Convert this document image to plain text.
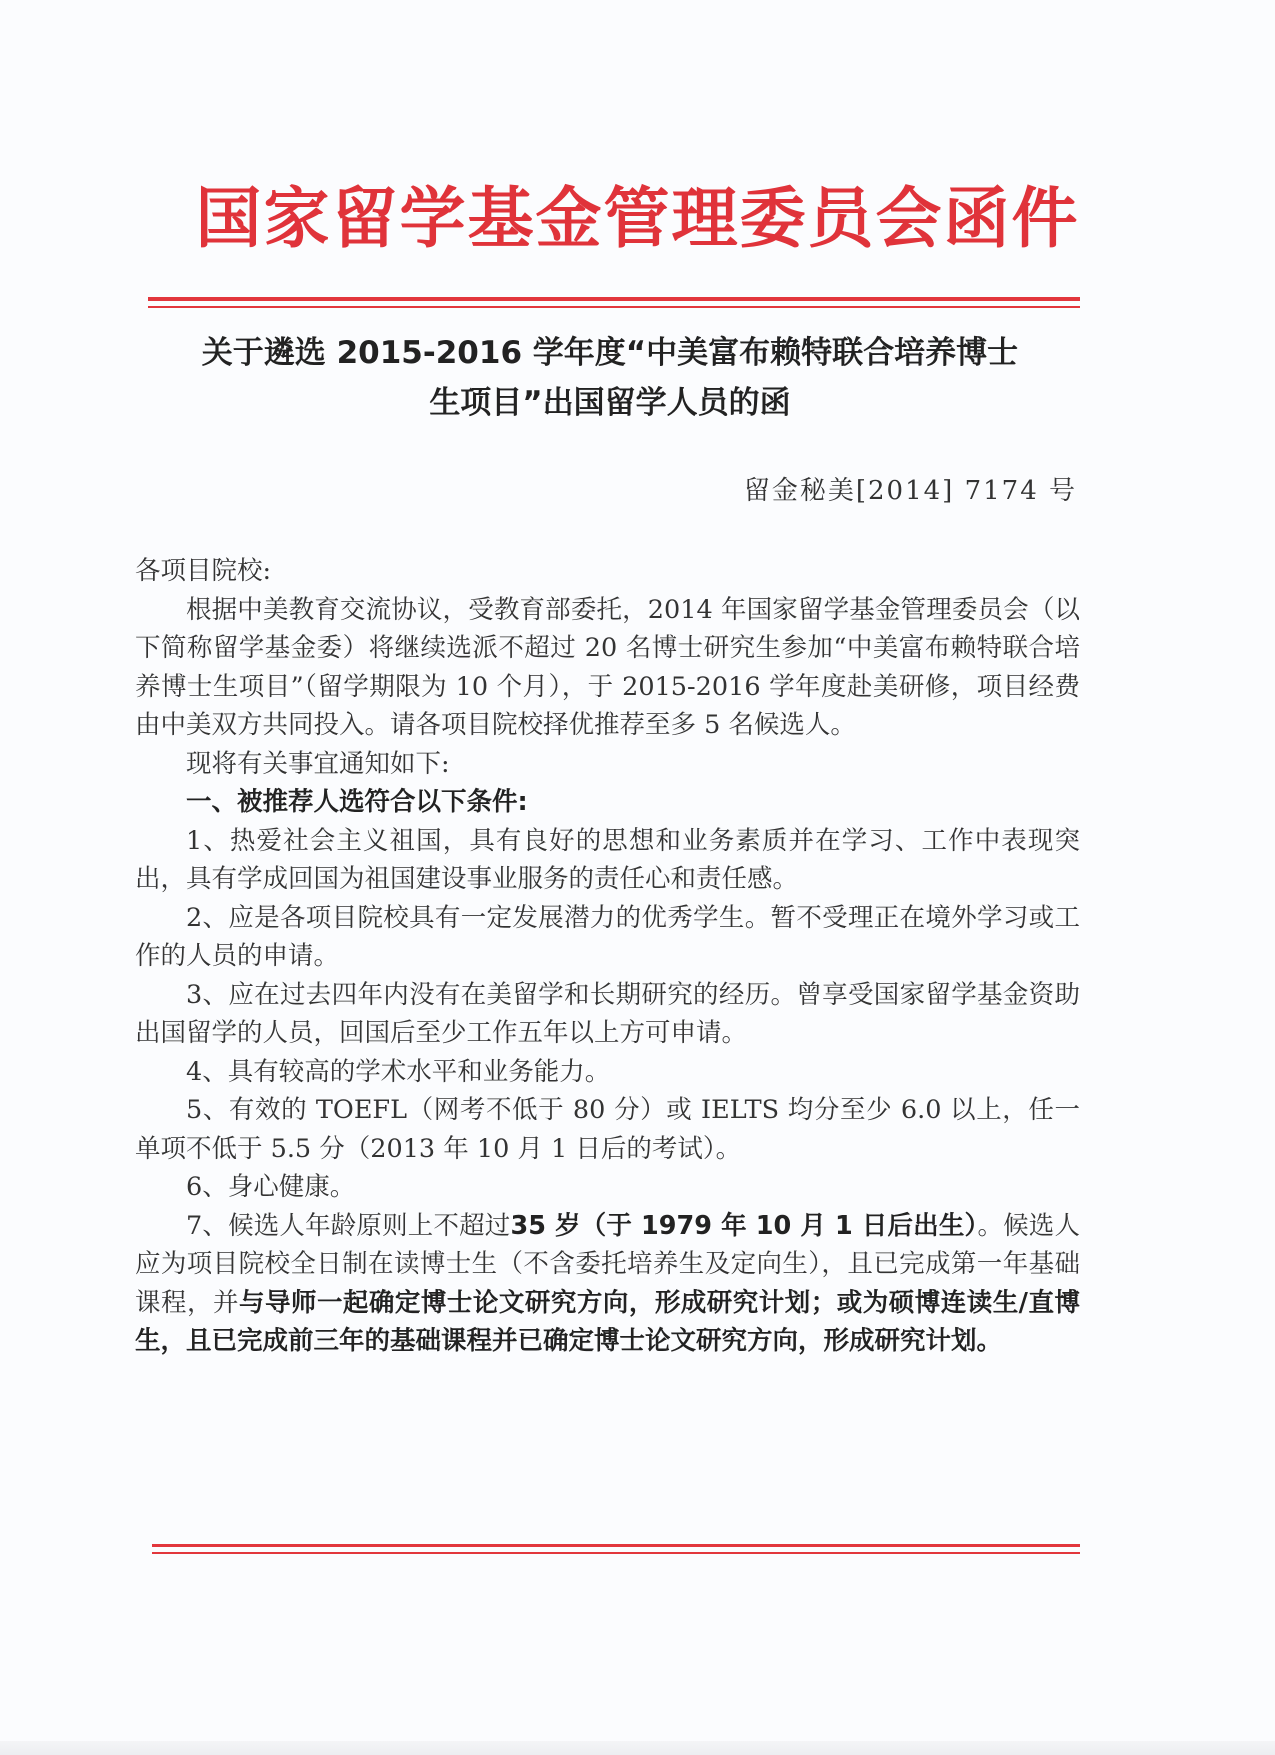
国家留学基金管理委员会函件
关于遴选 2015-2016 学年度“中美富布赖特联合培养博士
生项目”出国留学人员的函
留金秘美[2014] 7174 号

各项目院校:

根据中美教育交流协议，受教育部委托，2014 年国家留学基金管理委员会（以下简称留学基金委）将继续选派不超过 20 名博士研究生参加“中美富布赖特联合培养博士生项目”（留学期限为 10 个月），于 2015-2016 学年度赴美研修，项目经费由中美双方共同投入。请各项目院校择优推荐至多 5 名候选人。

现将有关事宜通知如下:

一、被推荐人选符合以下条件:

1、热爱社会主义祖国，具有良好的思想和业务素质并在学习、工作中表现突出，具有学成回国为祖国建设事业服务的责任心和责任感。

2、应是各项目院校具有一定发展潜力的优秀学生。暂不受理正在境外学习或工作的人员的申请。

3、应在过去四年内没有在美留学和长期研究的经历。曾享受国家留学基金资助出国留学的人员，回国后至少工作五年以上方可申请。

4、具有较高的学术水平和业务能力。

5、有效的 TOEFL（网考不低于 80 分）或 IELTS 均分至少 6.0 以上，任一单项不低于 5.5 分（2013 年 10 月 1 日后的考试）。

6、身心健康。

7、候选人年龄原则上不超过35 岁（于 1979 年 10 月 1 日后出生）。候选人应为项目院校全日制在读博士生（不含委托培养生及定向生），且已完成第一年基础课程，并与导师一起确定博士论文研究方向，形成研究计划；或为硕博连读生/直博生，且已完成前三年的基础课程并已确定博士论文研究方向，形成研究计划。
